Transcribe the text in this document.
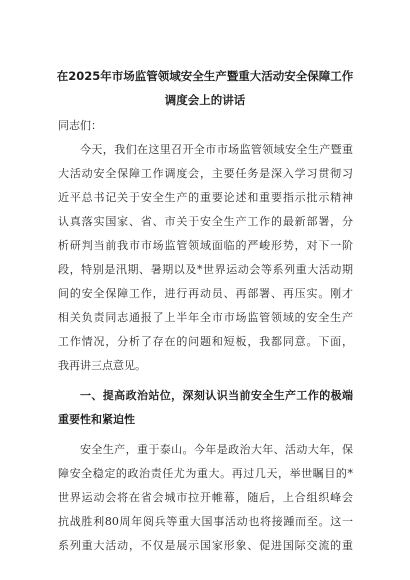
在2025年市场监管领域安全生产暨重大活动安全保障工作
调度会上的讲话
同志们：
今天，我们在这里召开全市市场监管领域安全生产暨重
大活动安全保障工作调度会，主要任务是深入学习贯彻习
近平总书记关于安全生产的重要论述和重要指示批示精神
认真落实国家、省、市关于安全生产工作的最新部署，分
析研判当前我市市场监管领域面临的严峻形势，对下一阶
段，特别是汛期、暑期以及*世界运动会等系列重大活动期
间的安全保障工作，进行再动员、再部署、再压实。刚才
相关负责同志通报了上半年全市市场监管领域的安全生产
工作情况，分析了存在的问题和短板，我都同意。下面，
我再讲三点意见。
一、提高政治站位，深刻认识当前安全生产工作的极端
重要性和紧迫性
安全生产，重于泰山。今年是政治大年、活动大年，保
障安全稳定的政治责任尤为重大。再过几天，举世瞩目的*
世界运动会将在省会城市拉开帷幕，随后，上合组织峰会
抗战胜利80周年阅兵等重大国事活动也将接踵而至。这一
系列重大活动，不仅是展示国家形象、促进国际交流的重
